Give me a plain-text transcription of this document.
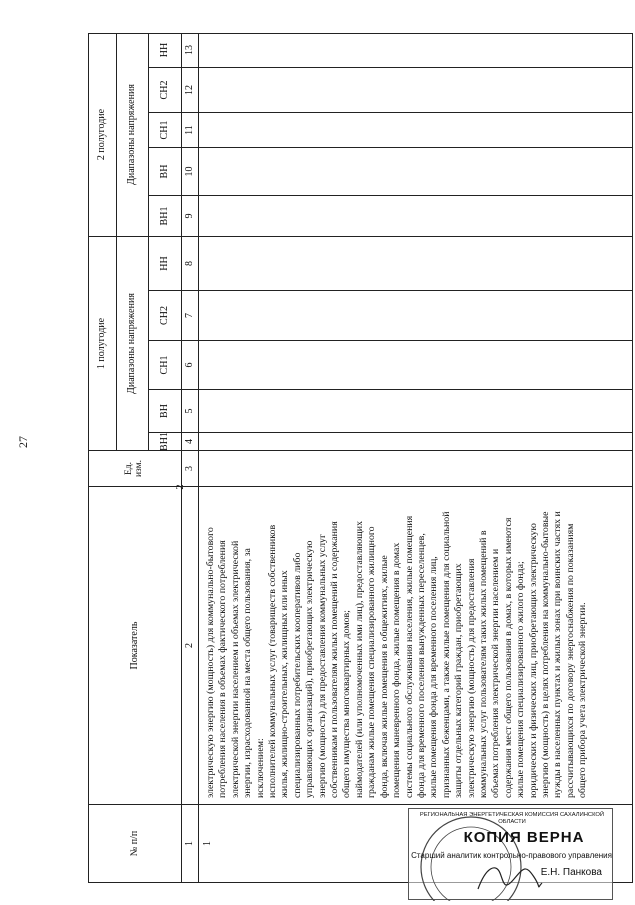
27
№ п/п
Показатель
Ед. изм.
1 полугодие
2 полугодие
Диапазоны напряжения
Диапазоны напряжения
ВН1
ВН
СН1
СН2
НН
ВН1
ВН
СН1
СН2
НН
1
2
3
4
5
6
7
8
9
10
11
12
13
1
2	электрическую энергию (мощность) для коммунально-бытового потребления населения в объемах фактического потребления электрической энергии населением и объемах электрической энергии, израсходованной на места общего пользования, за исключением: исполнителей коммунальных услуг (товариществ собственников жилья, жилищно-строительных, жилищных или иных специализированных потребительских кооперативов либо управляющих организаций), приобретающих электрическую энергию (мощность) для предоставления коммунальных услуг собственникам и пользователям жилых помещений и содержания общего имущества многоквартирных домов; наймодателей (или уполномоченных ими лиц), предоставляющих гражданам жилые помещения специализированного жилищного фонда, включая жилые помещения в общежитиях, жилые помещения маневренного фонда, жилые помещения в домах системы социального обслуживания населения, жилые помещения фонда для временного поселения вынужденных переселенцев, жилые помещения фонда для временного поселения лиц, признанных беженцами, а также жилые помещения для социальной защиты отдельных категорий граждан, приобретающих электрическую энергию (мощность) для предоставления коммунальных услуг пользователям таких жилых помещений в объемах потребления электрической энергии населением и содержания мест общего пользования в домах, в которых имеются жилые помещения специализированного жилого фонда; юридических и физических лиц, приобретающих электрическую энергию (мощность) в целях потребления на коммунально-бытовые нужды в населенных пунктах и жилых зонах при воинских частях и рассчитывающихся по договору энергоснабжения по показаниям общего прибора учета электрической энергии.

РЕГИОНАЛЬНАЯ ЭНЕРГЕТИЧЕСКАЯ КОМИССИЯ САХАЛИНСКОЙ ОБЛАСТИ
КОПИЯ ВЕРНА
Старший аналитик контрольно-правового управления
Е.Н. Панкова
